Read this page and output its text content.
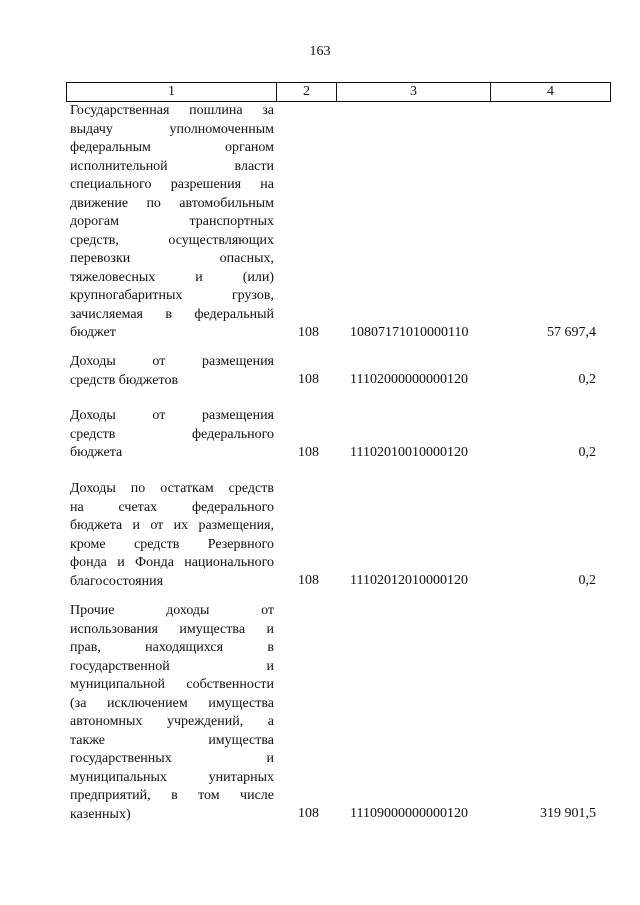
163
1	2	3	4
Государственная пошлина за
выдачу уполномоченным
федеральным органом
исполнительной власти
специального разрешения на
движение по автомобильным
дорогам транспортных
средств, осуществляющих
перевозки опасных,
тяжеловесных и (или)
крупногабаритных грузов,
зачисляемая в федеральный
бюджет	108	10807171010000110	57 697,4
Доходы от размещения
средств бюджетов	108	11102000000000120	0,2
Доходы от размещения
средств федерального
бюджета	108	11102010010000120	0,2
Доходы по остаткам средств
на счетах федерального
бюджета и от их размещения,
кроме средств Резервного
фонда и Фонда национального
благосостояния	108	11102012010000120	0,2
Прочие доходы от
использования имущества и
прав, находящихся в
государственной и
муниципальной собственности
(за исключением имущества
автономных учреждений, а
также имущества
государственных и
муниципальных унитарных
предприятий, в том числе
казенных)	108	11109000000000120	319 901,5
